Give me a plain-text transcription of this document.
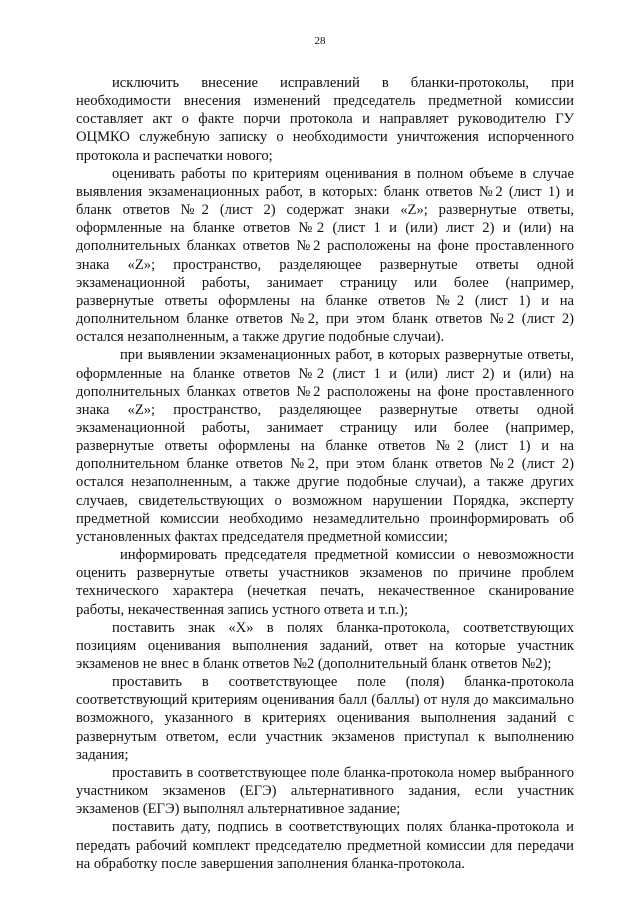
28

исключить внесение исправлений в бланки-протоколы, при необходимости внесения изменений председатель предметной комиссии составляет акт о факте порчи протокола и направляет руководителю ГУ ОЦМКО служебную записку о необходимости уничтожения испорченного протокола и распечатки нового;

оценивать работы по критериям оценивания в полном объеме в случае выявления экзаменационных работ, в которых: бланк ответов №2 (лист 1) и бланк ответов №2 (лист 2) содержат знаки «Z»; развернутые ответы, оформленные на бланке ответов №2 (лист 1 и (или) лист 2) и (или) на дополнительных бланках ответов №2 расположены на фоне проставленного знака «Z»; пространство, разделяющее развернутые ответы одной экзаменационной работы, занимает страницу или более (например, развернутые ответы оформлены на бланке ответов №2 (лист 1) и на дополнительном бланке ответов №2, при этом бланк ответов №2 (лист 2) остался незаполненным, а также другие подобные случаи).

при выявлении экзаменационных работ, в которых развернутые ответы, оформленные на бланке ответов №2 (лист 1 и (или) лист 2) и (или) на дополнительных бланках ответов №2 расположены на фоне проставленного знака «Z»; пространство, разделяющее развернутые ответы одной экзаменационной работы, занимает страницу или более (например, развернутые ответы оформлены на бланке ответов №2 (лист 1) и на дополнительном бланке ответов №2, при этом бланк ответов №2 (лист 2) остался незаполненным, а также другие подобные случаи), а также других случаев, свидетельствующих о возможном нарушении Порядка, эксперту предметной комиссии необходимо незамедлительно проинформировать об установленных фактах председателя предметной комиссии;

информировать председателя предметной комиссии о невозможности оценить развернутые ответы участников экзаменов по причине проблем технического характера (нечеткая печать, некачественное сканирование работы, некачественная запись устного ответа и т.п.);

поставить знак «X» в полях бланка-протокола, соответствующих позициям оценивания выполнения заданий, ответ на которые участник экзаменов не внес в бланк ответов №2 (дополнительный бланк ответов №2);

проставить в соответствующее поле (поля) бланка-протокола соответствующий критериям оценивания балл (баллы) от нуля до максимально возможного, указанного в критериях оценивания выполнения заданий с развернутым ответом, если участник экзаменов приступал к выполнению задания;

проставить в соответствующее поле бланка-протокола номер выбранного участником экзаменов (ЕГЭ) альтернативного задания, если участник экзаменов (ЕГЭ) выполнял альтернативное задание;

поставить дату, подпись в соответствующих полях бланка-протокола и передать рабочий комплект председателю предметной комиссии для передачи на обработку после завершения заполнения бланка-протокола.
